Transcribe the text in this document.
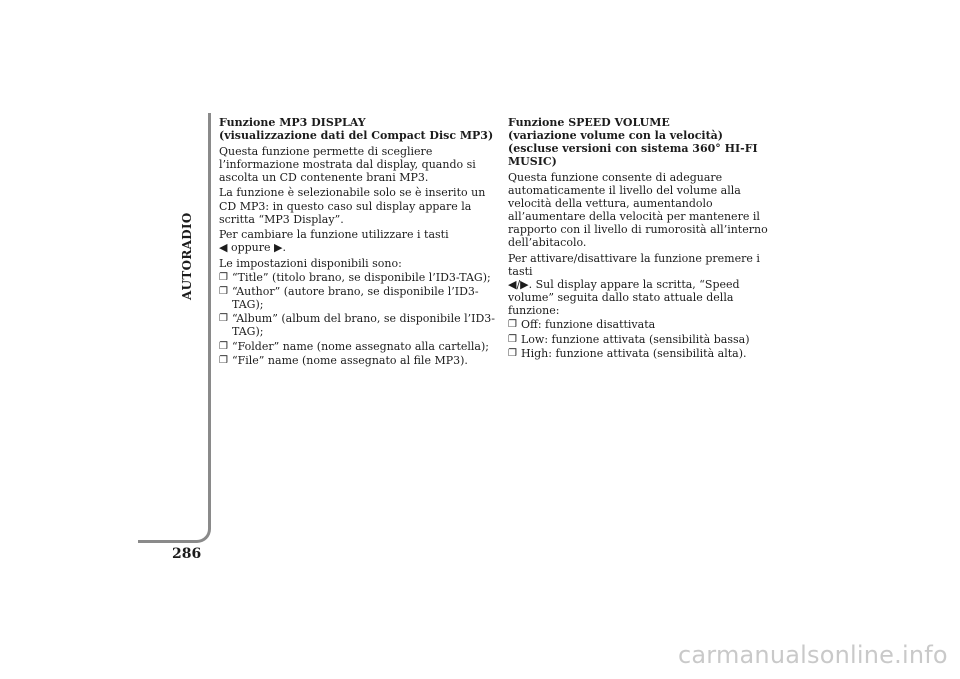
AUTORADIO
286

Funzione MP3 DISPLAY
(visualizzazione dati del Compact Disc MP3)

Questa funzione permette di scegliere l’informazione mostrata dal display, quando si ascolta un CD contenente brani MP3.

La funzione è selezionabile solo se è inserito un CD MP3: in questo caso sul display appare la scritta “MP3 Display”.

Per cambiare la funzione utilizzare i tasti
◀ oppure ▶.

Le impostazioni disponibili sono:

❐ “Title” (titolo brano, se disponibile l’ID3-TAG);
❐ “Author” (autore brano, se disponibile l’ID3-TAG);
❐ “Album” (album del brano, se disponibile l’ID3-TAG);
❐ “Folder” name (nome assegnato alla cartella);
❐ “File” name (nome assegnato al file MP3).

Funzione SPEED VOLUME
(variazione volume con la velocità)
(escluse versioni con sistema 360° HI-FI MUSIC)

Questa funzione consente di adeguare automaticamente il livello del volume alla velocità della vettura, aumentandolo all’aumentare della velocità per mantenere il rapporto con il livello di rumorosità all’interno dell’abitacolo.

Per attivare/disattivare la funzione premere i tasti
◀/▶. Sul display appare la scritta, “Speed volume” seguita dallo stato attuale della funzione:

❐ Off: funzione disattivata
❐ Low: funzione attivata (sensibilità bassa)
❐ High: funzione attivata (sensibilità alta).
carmanualsonline.info
